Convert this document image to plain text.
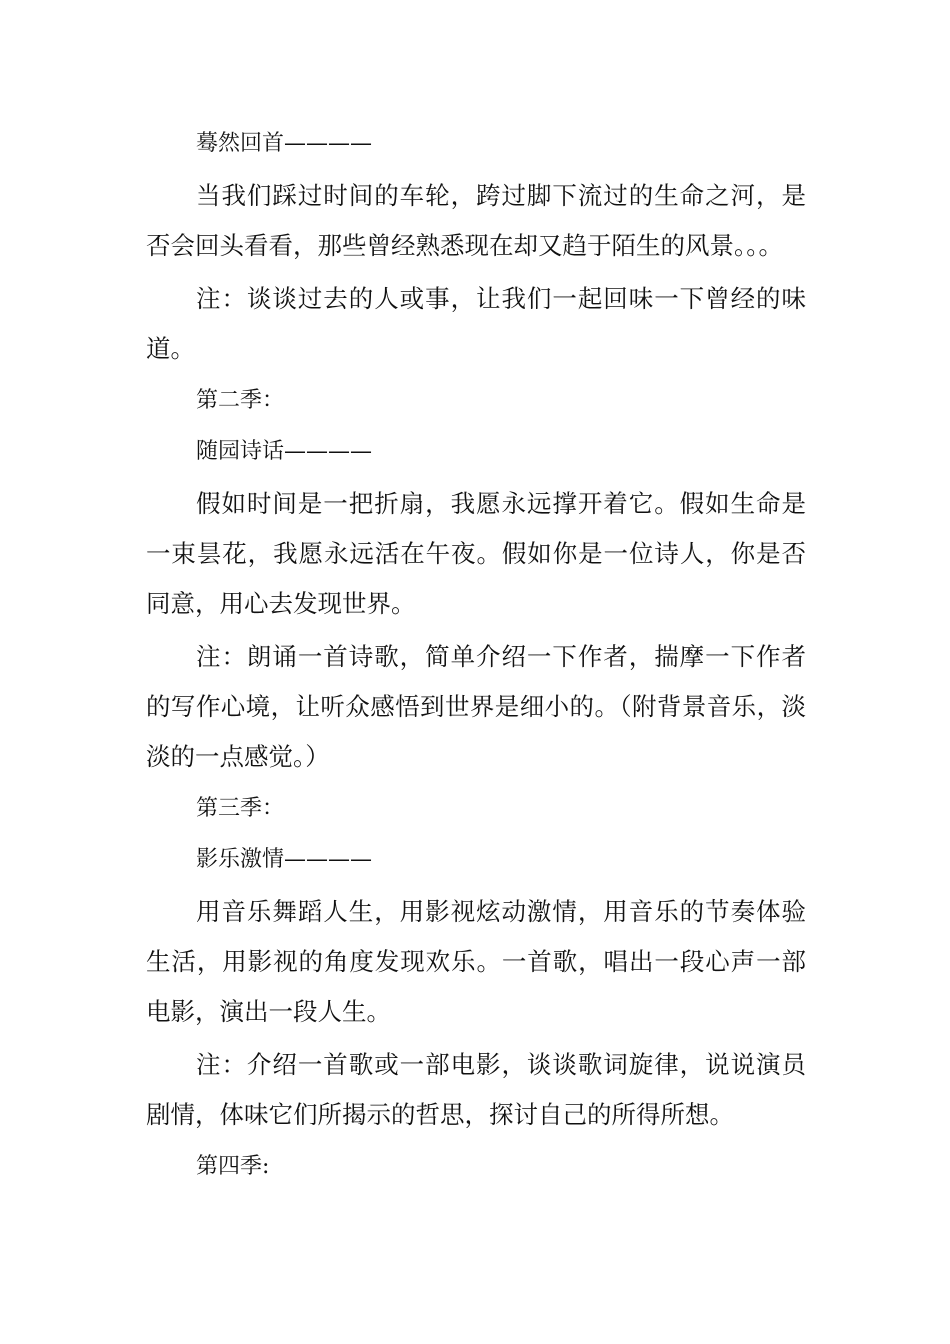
蓦然回首————

当我们踩过时间的车轮，跨过脚下流过的生命之河，是否会回头看看，那些曾经熟悉现在却又趋于陌生的风景。。。

注：谈谈过去的人或事，让我们一起回味一下曾经的味道。

第二季：

随园诗话————

假如时间是一把折扇，我愿永远撑开着它。假如生命是一束昙花，我愿永远活在午夜。假如你是一位诗人，你是否同意，用心去发现世界。

注：朗诵一首诗歌，简单介绍一下作者，揣摩一下作者的写作心境，让听众感悟到世界是细小的。（附背景音乐，淡淡的一点感觉。）

第三季：

影乐激情————

用音乐舞蹈人生，用影视炫动激情，用音乐的节奏体验生活，用影视的角度发现欢乐。一首歌，唱出一段心声一部电影，演出一段人生。

注：介绍一首歌或一部电影，谈谈歌词旋律，说说演员剧情，体味它们所揭示的哲思，探讨自己的所得所想。

第四季:
